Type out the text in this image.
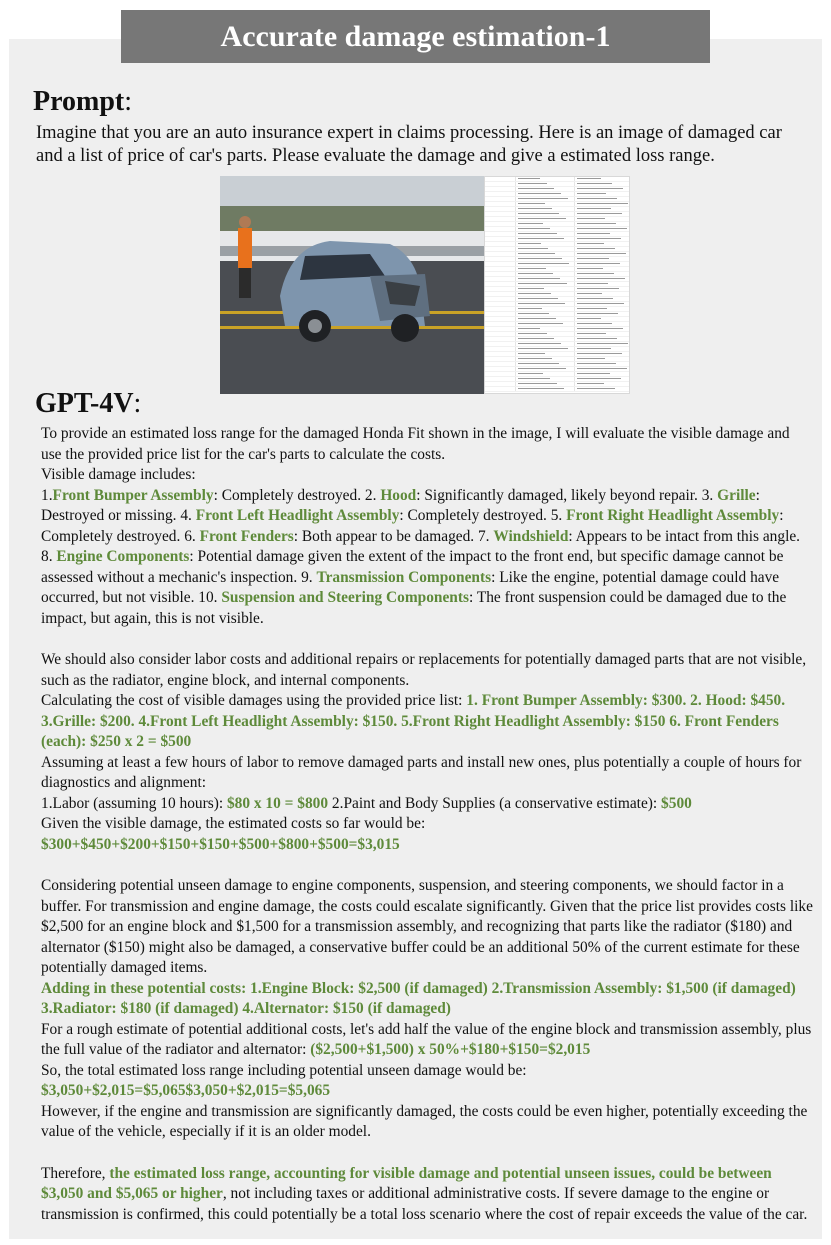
Accurate damage estimation-1
Prompt:
Imagine that you are an auto insurance expert in claims processing. Here is an image of damaged car and a list of price of car's parts. Please evaluate the damage and give a estimated loss range.
GPT-4V:

To provide an estimated loss range for the damaged Honda Fit shown in the image, I will evaluate the visible damage and use the provided price list for the car's parts to calculate the costs.

Visible damage includes:

1.Front Bumper Assembly: Completely destroyed. 2. Hood: Significantly damaged, likely beyond repair. 3. Grille: Destroyed or missing. 4. Front Left Headlight Assembly: Completely destroyed. 5. Front Right Headlight Assembly: Completely destroyed. 6. Front Fenders: Both appear to be damaged. 7. Windshield: Appears to be intact from this angle. 8. Engine Components: Potential damage given the extent of the impact to the front end, but specific damage cannot be assessed without a mechanic's inspection. 9. Transmission Components: Like the engine, potential damage could have occurred, but not visible. 10. Suspension and Steering Components: The front suspension could be damaged due to the impact, but again, this is not visible.

We should also consider labor costs and additional repairs or replacements for potentially damaged parts that are not visible, such as the radiator, engine block, and internal components.

Calculating the cost of visible damages using the provided price list: 1. Front Bumper Assembly: $300. 2. Hood: $450. 3.Grille: $200. 4.Front Left Headlight Assembly: $150. 5.Front Right Headlight Assembly: $150 6. Front Fenders (each): $250 x 2 = $500

Assuming at least a few hours of labor to remove damaged parts and install new ones, plus potentially a couple of hours for diagnostics and alignment:

1.Labor (assuming 10 hours): $80 x 10 = $800 2.Paint and Body Supplies (a conservative estimate): $500

Given the visible damage, the estimated costs so far would be:

$300+$450+$200+$150+$150+$500+$800+$500=$3,015

Considering potential unseen damage to engine components, suspension, and steering components, we should factor in a buffer. For transmission and engine damage, the costs could escalate significantly. Given that the price list provides costs like $2,500 for an engine block and $1,500 for a transmission assembly, and recognizing that parts like the radiator ($180) and alternator ($150) might also be damaged, a conservative buffer could be an additional 50% of the current estimate for these potentially damaged items.

Adding in these potential costs: 1.Engine Block: $2,500 (if damaged) 2.Transmission Assembly: $1,500 (if damaged) 3.Radiator: $180 (if damaged) 4.Alternator: $150 (if damaged)

For a rough estimate of potential additional costs, let's add half the value of the engine block and transmission assembly, plus the full value of the radiator and alternator: ($2,500+$1,500) x 50%+$180+$150=$2,015

So, the total estimated loss range including potential unseen damage would be:

$3,050+$2,015=$5,065$3,050+$2,015=$5,065

However, if the engine and transmission are significantly damaged, the costs could be even higher, potentially exceeding the value of the vehicle, especially if it is an older model.

Therefore, the estimated loss range, accounting for visible damage and potential unseen issues, could be between $3,050 and $5,065 or higher, not including taxes or additional administrative costs. If severe damage to the engine or transmission is confirmed, this could potentially be a total loss scenario where the cost of repair exceeds the value of the car.
